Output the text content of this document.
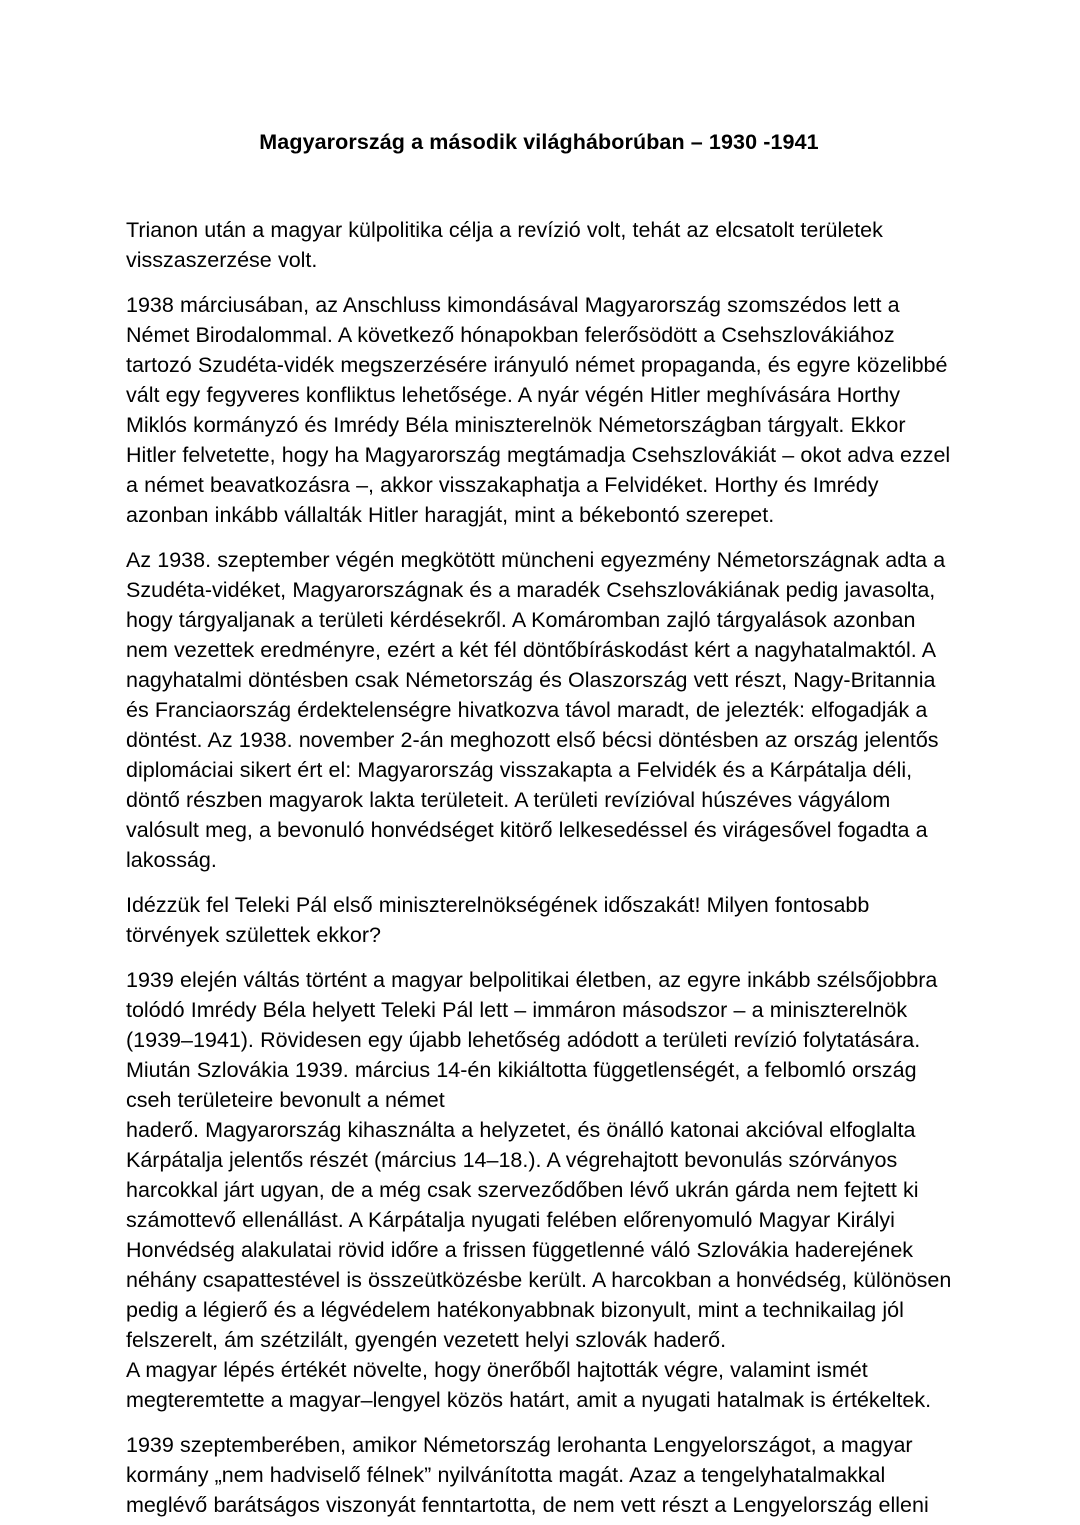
Magyarország a második világháborúban – 1930 -1941

Trianon után a magyar külpolitika célja a revízió volt, tehát az elcsatolt területek visszaszerzése volt.

1938 márciusában, az Anschluss kimondásával Magyarország szomszédos lett a Német Birodalommal. A következő hónapokban felerősödött a Csehszlovákiához tartozó Szudéta-vidék megszerzésére irányuló német propaganda, és egyre közelibbé vált egy fegyveres konfliktus lehetősége. A nyár végén Hitler meghívására Horthy Miklós kormányzó és Imrédy Béla miniszterelnök Németországban tárgyalt. Ekkor Hitler felvetette, hogy ha Magyarország megtámadja Csehszlovákiát – okot adva ezzel a német beavatkozásra –, akkor visszakaphatja a Felvidéket. Horthy és Imrédy azonban inkább vállalták Hitler haragját, mint a békebontó szerepet.

Az 1938. szeptember végén megkötött müncheni egyezmény Németországnak adta a Szudéta-vidéket, Magyarországnak és a maradék Csehszlovákiának pedig javasolta, hogy tárgyaljanak a területi kérdésekről. A Komáromban zajló tárgyalások azonban nem vezettek eredményre, ezért a két fél döntőbíráskodást kért a nagyhatalmaktól. A nagyhatalmi döntésben csak Németország és Olaszország vett részt, Nagy-Britannia és Franciaország érdektelenségre hivatkozva távol maradt, de jelezték: elfogadják a döntést. Az 1938. november 2-án meghozott első bécsi döntésben az ország jelentős diplomáciai sikert ért el: Magyarország visszakapta a Felvidék és a Kárpátalja déli, döntő részben magyarok lakta területeit. A területi revízióval húszéves vágyálom valósult meg, a bevonuló honvédséget kitörő lelkesedéssel és virágesővel fogadta a lakosság.

Idézzük fel Teleki Pál első miniszterelnökségének időszakát! Milyen fontosabb törvények születtek ekkor?

1939 elején váltás történt a magyar belpolitikai életben, az egyre inkább szélsőjobbra tolódó Imrédy Béla helyett Teleki Pál lett – immáron másodszor – a miniszterelnök (1939–1941). Rövidesen egy újabb lehetőség adódott a területi revízió folytatására. Miután Szlovákia 1939. március 14-én kikiáltotta függetlenségét, a felbomló ország cseh területeire bevonult a német
haderő. Magyarország kihasználta a helyzetet, és önálló katonai akcióval elfoglalta Kárpátalja jelentős részét (március 14–18.). A végrehajtott bevonulás szórványos harcokkal járt ugyan, de a még csak szerveződőben lévő ukrán gárda nem fejtett ki számottevő ellenállást. A Kárpátalja nyugati felében előrenyomuló Magyar Királyi Honvédség alakulatai rövid időre a frissen függetlenné váló Szlovákia haderejének néhány csapattestével is összeütközésbe került. A harcokban a honvédség, különösen pedig a légierő és a légvédelem hatékonyabbnak bizonyult, mint a technikailag jól felszerelt, ám szétzilált, gyengén vezetett helyi szlovák haderő.
A magyar lépés értékét növelte, hogy önerőből hajtották végre, valamint ismét megteremtette a magyar–lengyel közös határt, amit a nyugati hatalmak is értékeltek.

1939 szeptemberében, amikor Németország lerohanta Lengyelországot, a magyar kormány „nem hadviselő félnek” nyilvánította magát. Azaz a tengelyhatalmakkal meglévő barátságos viszonyát fenntartotta, de nem vett részt a Lengyelország elleni
